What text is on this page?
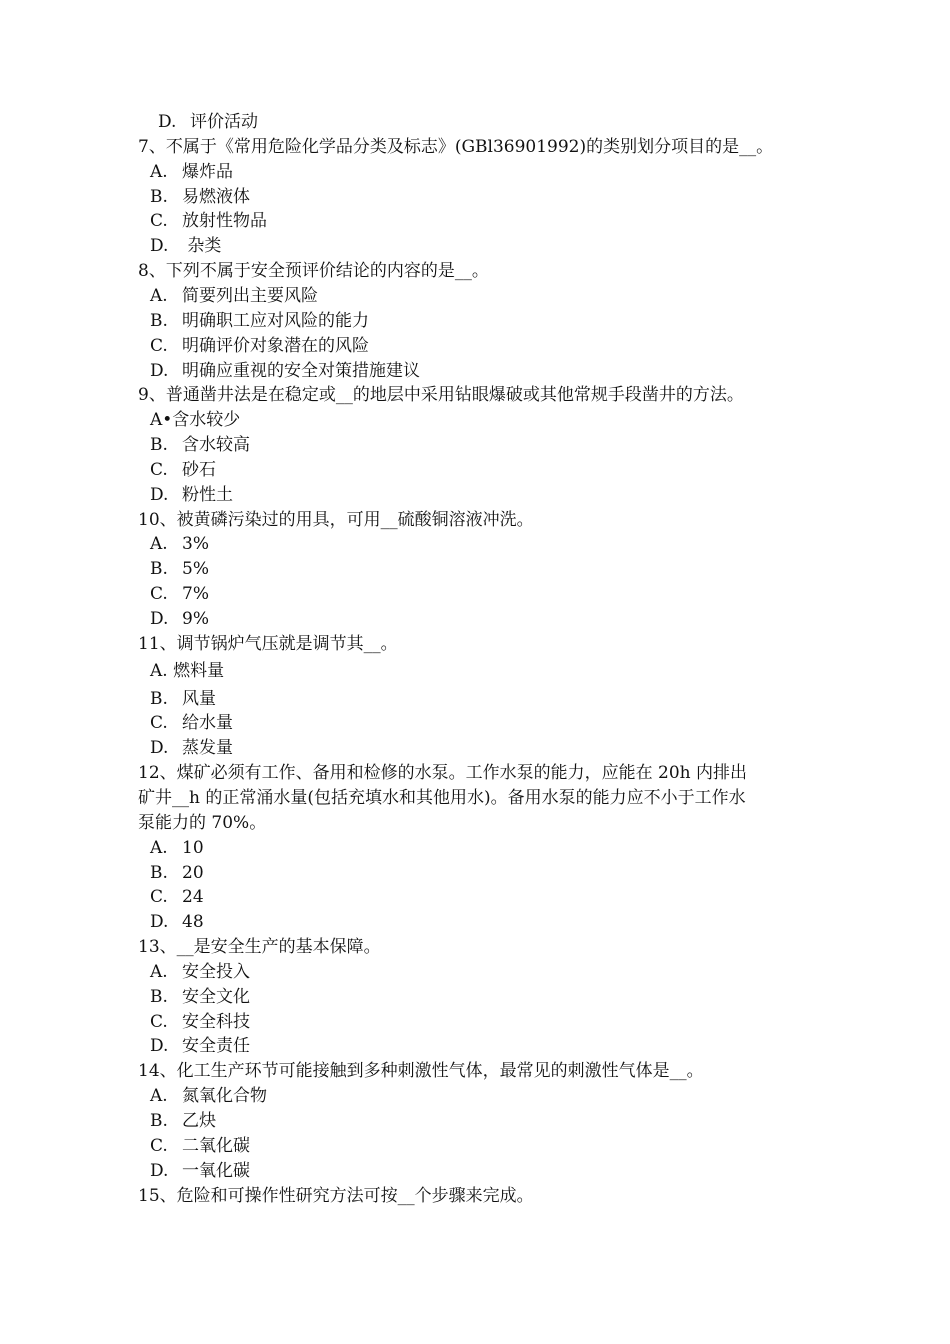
D. 评价活动
7、不属于《常用危险化学品分类及标志》(GBl36901992)的类别划分项目的是__。
A. 爆炸品
B. 易燃液体
C. 放射性物品
D. 杂类
8、下列不属于安全预评价结论的内容的是__。
A. 简要列出主要风险
B. 明确职工应对风险的能力
C. 明确评价对象潜在的风险
D. 明确应重视的安全对策措施建议
9、普通凿井法是在稳定或__的地层中采用钻眼爆破或其他常规手段凿井的方法。
A•含水较少
B. 含水较高
C. 砂石
D. 粉性土
10、被黄磷污染过的用具，可用__硫酸铜溶液冲洗。
A. 3%
B. 5%
C. 7%
D. 9%
11、调节锅炉气压就是调节其__。
A. 燃料量
B. 风量
C. 给水量
D. 蒸发量
12、煤矿必须有工作、备用和检修的水泵。工作水泵的能力，应能在 20h 内排出
矿井__h 的正常涌水量(包括充填水和其他用水)。备用水泵的能力应不小于工作水
泵能力的 70%。
A. 10
B. 20
C. 24
D. 48
13、__是安全生产的基本保障。
A. 安全投入
B. 安全文化
C. 安全科技
D. 安全责任
14、化工生产环节可能接触到多种刺激性气体，最常见的刺激性气体是__。
A. 氮氧化合物
B. 乙炔
C. 二氧化碳
D. 一氧化碳
15、危险和可操作性研究方法可按__个步骤来完成。
